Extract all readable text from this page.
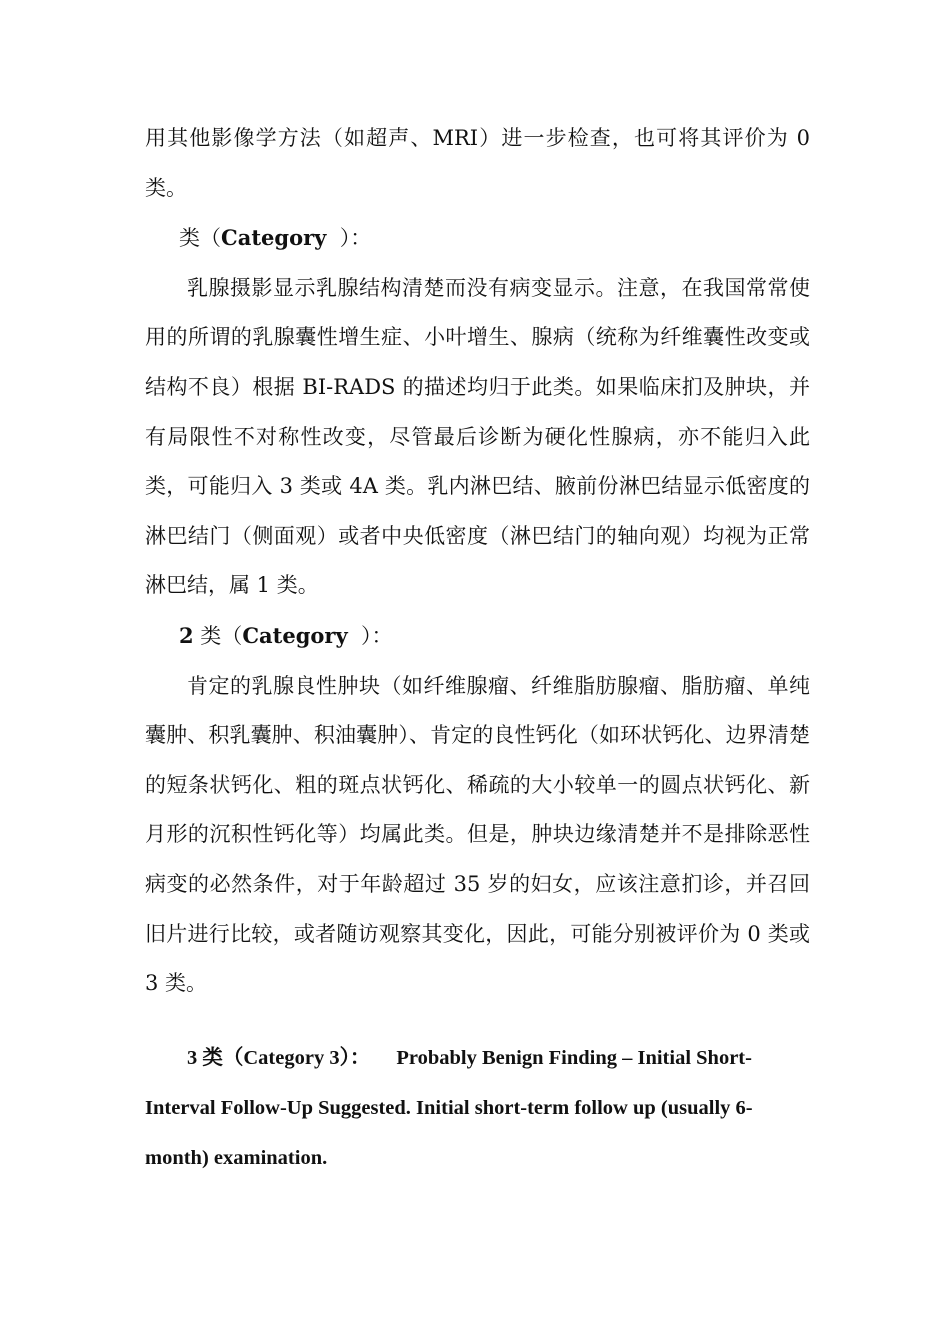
用其他影像学方法（如超声、MRI）进一步检查，也可将其评价为 0 类。

类（Category  ）：

乳腺摄影显示乳腺结构清楚而没有病变显示。注意，在我国常常使用的所谓的乳腺囊性增生症、小叶增生、腺病（统称为纤维囊性改变或结构不良）根据 BI-RADS 的描述均归于此类。如果临床扪及肿块，并有局限性不对称性改变，尽管最后诊断为硬化性腺病，亦不能归入此类，可能归入 3 类或 4A 类。乳内淋巴结、腋前份淋巴结显示低密度的淋巴结门（侧面观）或者中央低密度（淋巴结门的轴向观）均视为正常淋巴结，属 1 类。

2 类（Category  ）：

肯定的乳腺良性肿块（如纤维腺瘤、纤维脂肪腺瘤、脂肪瘤、单纯囊肿、积乳囊肿、积油囊肿）、肯定的良性钙化（如环状钙化、边界清楚的短条状钙化、粗的斑点状钙化、稀疏的大小较单一的圆点状钙化、新月形的沉积性钙化等）均属此类。但是，肿块边缘清楚并不是排除恶性病变的必然条件，对于年龄超过 35 岁的妇女，应该注意扪诊，并召回旧片进行比较，或者随访观察其变化，因此，可能分别被评价为 0 类或 3 类。

3 类（Category 3）： Probably Benign Finding – Initial Short-Interval Follow-Up Suggested. Initial short-term follow up (usually 6-month) examination.
